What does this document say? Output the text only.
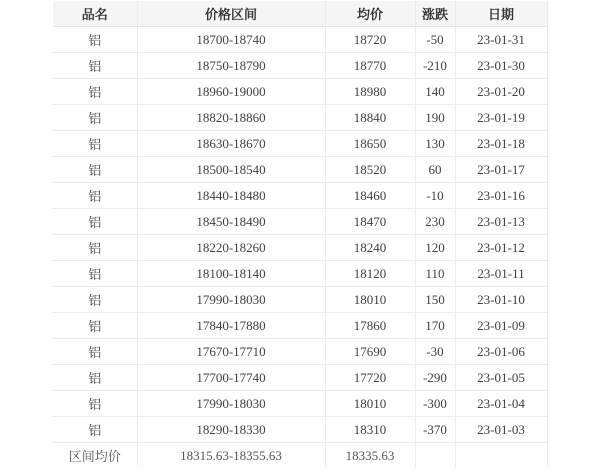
品名	价格区间	均价	涨跌	日期
铝	18700-18740	18720	-50	23-01-31
铝	18750-18790	18770	-210	23-01-30
铝	18960-19000	18980	140	23-01-20
铝	18820-18860	18840	190	23-01-19
铝	18630-18670	18650	130	23-01-18
铝	18500-18540	18520	60	23-01-17
铝	18440-18480	18460	-10	23-01-16
铝	18450-18490	18470	230	23-01-13
铝	18220-18260	18240	120	23-01-12
铝	18100-18140	18120	110	23-01-11
铝	17990-18030	18010	150	23-01-10
铝	17840-17880	17860	170	23-01-09
铝	17670-17710	17690	-30	23-01-06
铝	17700-17740	17720	-290	23-01-05
铝	17990-18030	18010	-300	23-01-04
铝	18290-18330	18310	-370	23-01-03
区间均价	18315.63-18355.63	18335.63		
